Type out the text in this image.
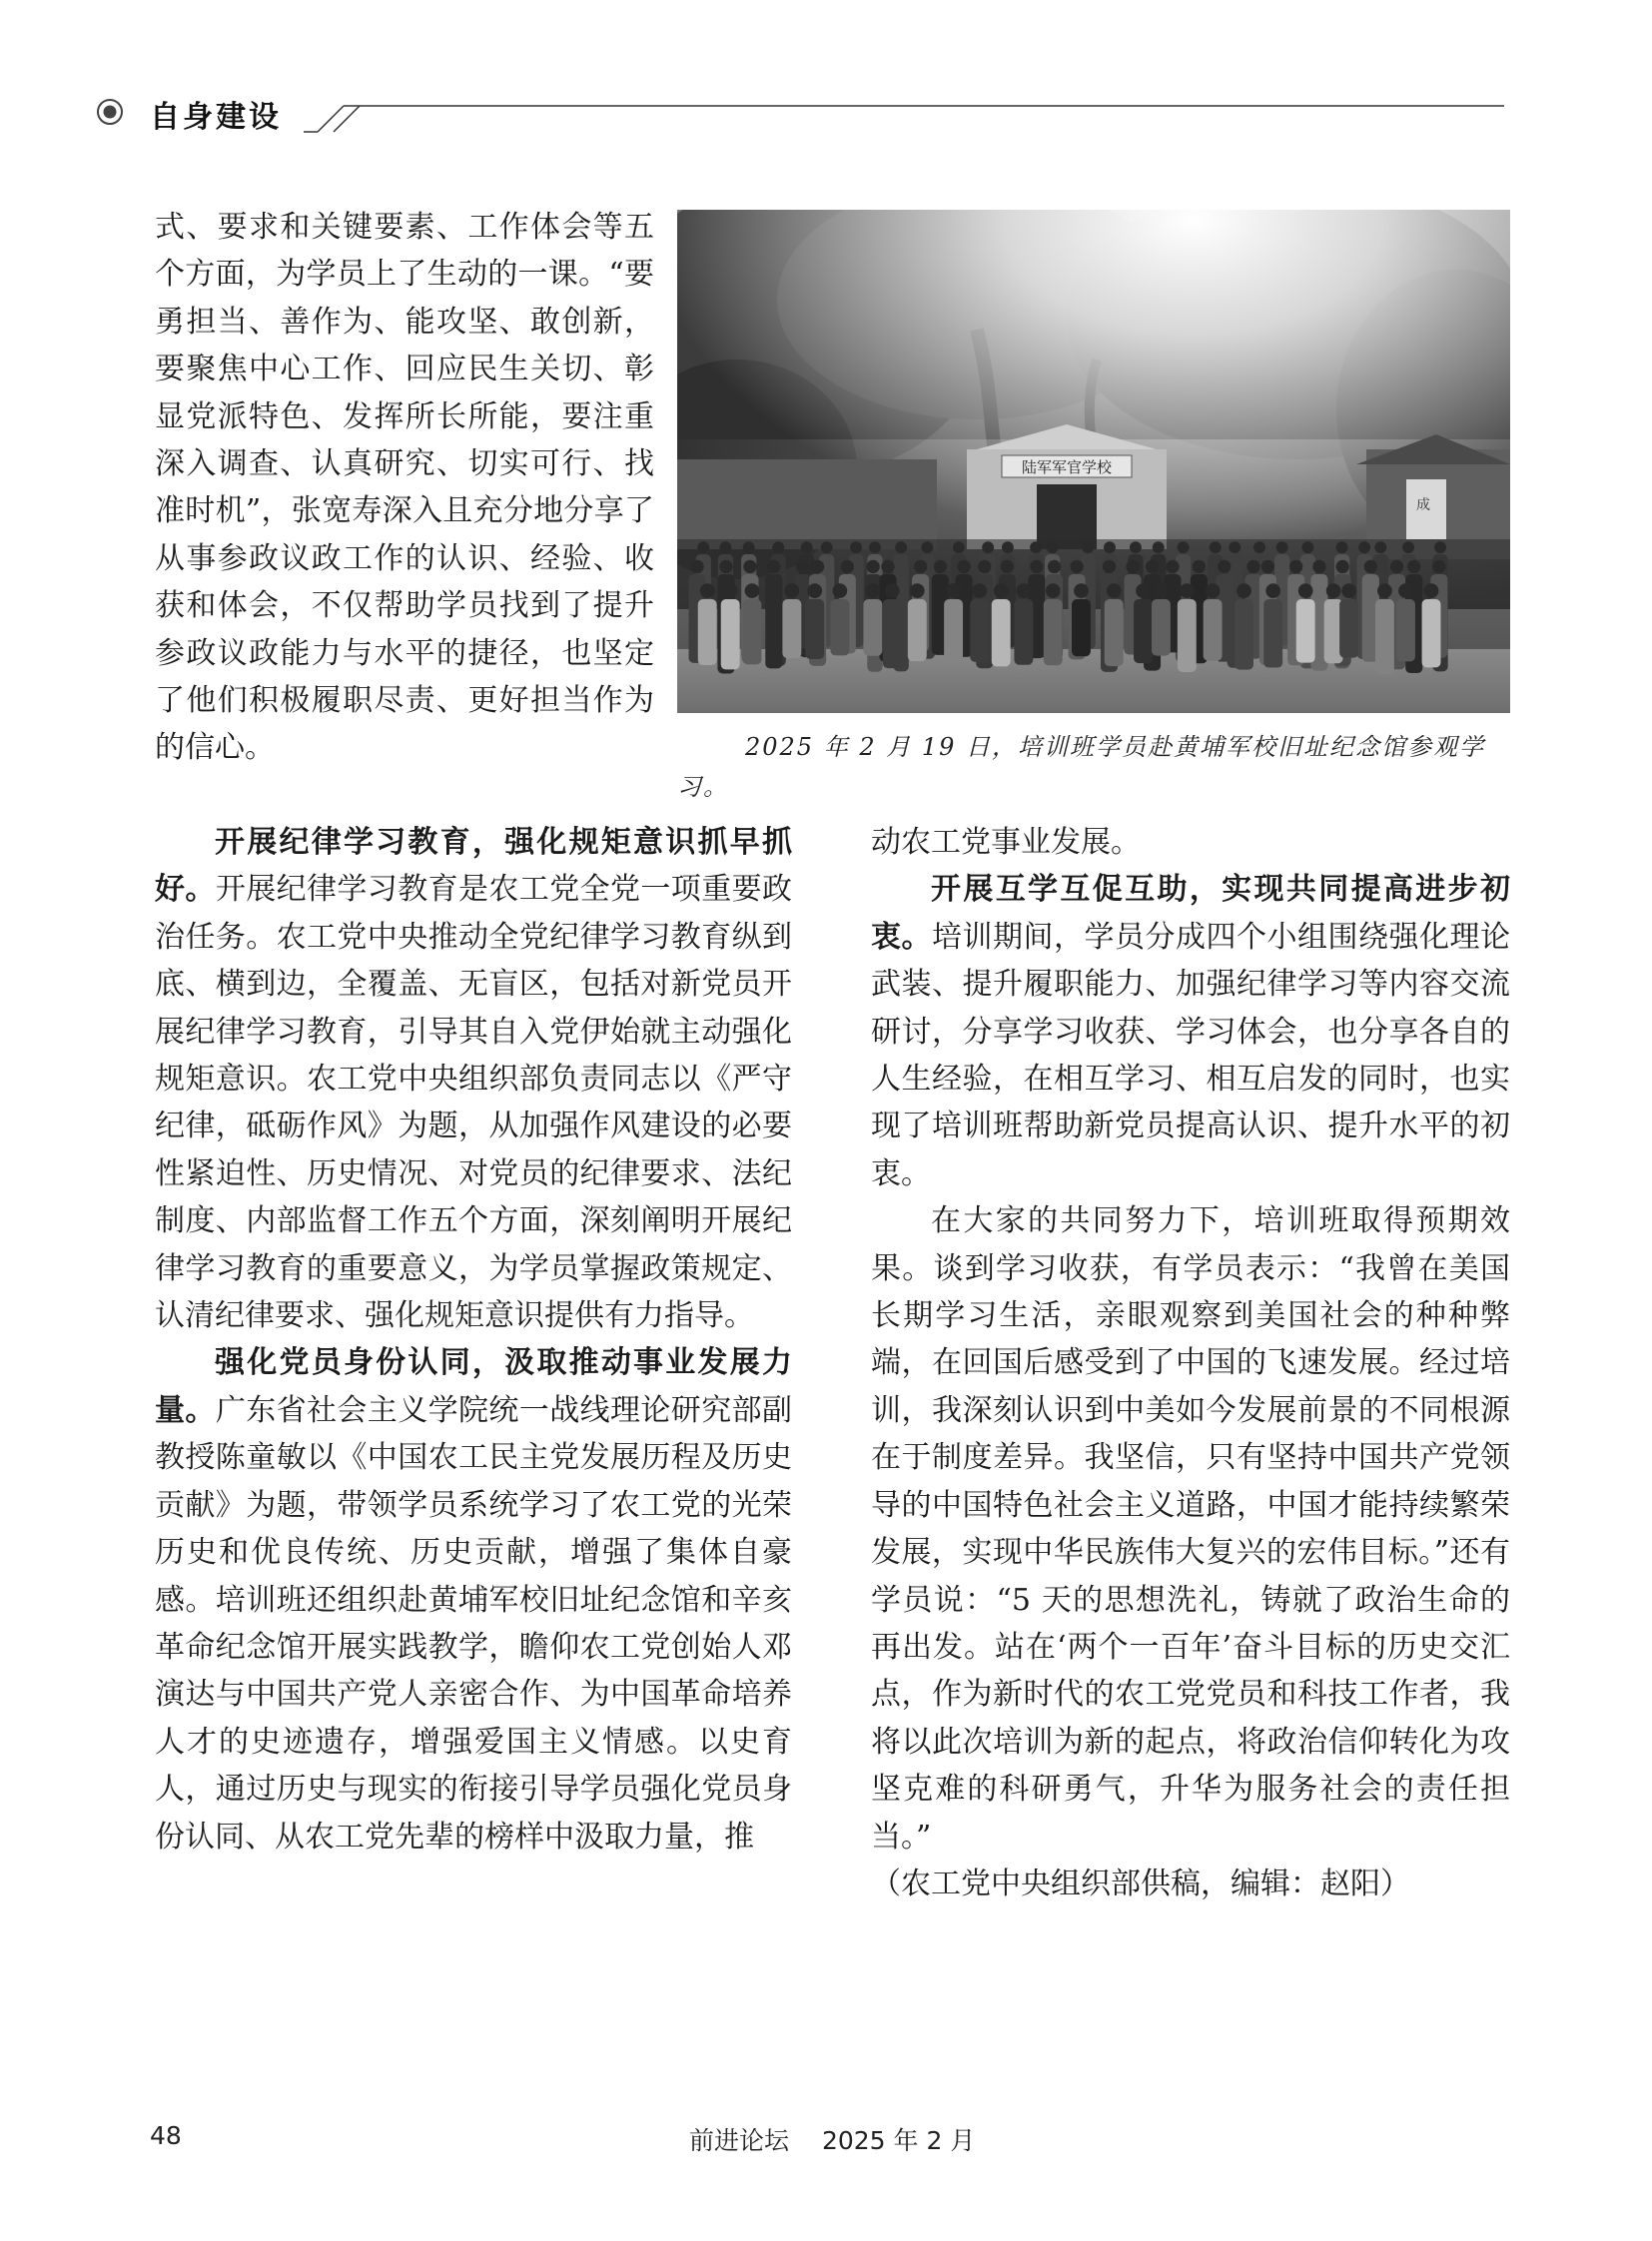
自身建设
成
陆军军官学校
2025 年 2 月 19 日，培训班学员赴黄埔军校旧址纪念馆参观学习。

式、要求和关键要素、工作体会等五个方面，为学员上了生动的一课。“要勇担当、善作为、能攻坚、敢创新，要聚焦中心工作、回应民生关切、彰显党派特色、发挥所长所能，要注重深入调查、认真研究、切实可行、找准时机”，张宽寿深入且充分地分享了从事参政议政工作的认识、经验、收获和体会，不仅帮助学员找到了提升参政议政能力与水平的捷径，也坚定了他们积极履职尽责、更好担当作为的信心。

开展纪律学习教育，强化规矩意识抓早抓好。开展纪律学习教育是农工党全党一项重要政治任务。农工党中央推动全党纪律学习教育纵到底、横到边，全覆盖、无盲区，包括对新党员开展纪律学习教育，引导其自入党伊始就主动强化规矩意识。农工党中央组织部负责同志以《严守纪律，砥砺作风》为题，从加强作风建设的必要性紧迫性、历史情况、对党员的纪律要求、法纪制度、内部监督工作五个方面，深刻阐明开展纪律学习教育的重要意义，为学员掌握政策规定、认清纪律要求、强化规矩意识提供有力指导。

强化党员身份认同，汲取推动事业发展力量。广东省社会主义学院统一战线理论研究部副教授陈童敏以《中国农工民主党发展历程及历史贡献》为题，带领学员系统学习了农工党的光荣历史和优良传统、历史贡献，增强了集体自豪感。培训班还组织赴黄埔军校旧址纪念馆和辛亥革命纪念馆开展实践教学，瞻仰农工党创始人邓演达与中国共产党人亲密合作、为中国革命培养人才的史迹遗存，增强爱国主义情感。以史育人，通过历史与现实的衔接引导学员强化党员身份认同、从农工党先辈的榜样中汲取力量，推

动农工党事业发展。

开展互学互促互助，实现共同提高进步初衷。培训期间，学员分成四个小组围绕强化理论武装、提升履职能力、加强纪律学习等内容交流研讨，分享学习收获、学习体会，也分享各自的人生经验，在相互学习、相互启发的同时，也实现了培训班帮助新党员提高认识、提升水平的初衷。

在大家的共同努力下，培训班取得预期效果。谈到学习收获，有学员表示：“我曾在美国长期学习生活，亲眼观察到美国社会的种种弊端，在回国后感受到了中国的飞速发展。经过培训，我深刻认识到中美如今发展前景的不同根源在于制度差异。我坚信，只有坚持中国共产党领导的中国特色社会主义道路，中国才能持续繁荣发展，实现中华民族伟大复兴的宏伟目标。”还有学员说：“5 天的思想洗礼，铸就了政治生命的再出发。站在‘两个一百年’奋斗目标的历史交汇点，作为新时代的农工党党员和科技工作者，我将以此次培训为新的起点，将政治信仰转化为攻坚克难的科研勇气，升华为服务社会的责任担当。”

（农工党中央组织部供稿，编辑：赵阳）

48	前进论坛　 2025 年 2 月
